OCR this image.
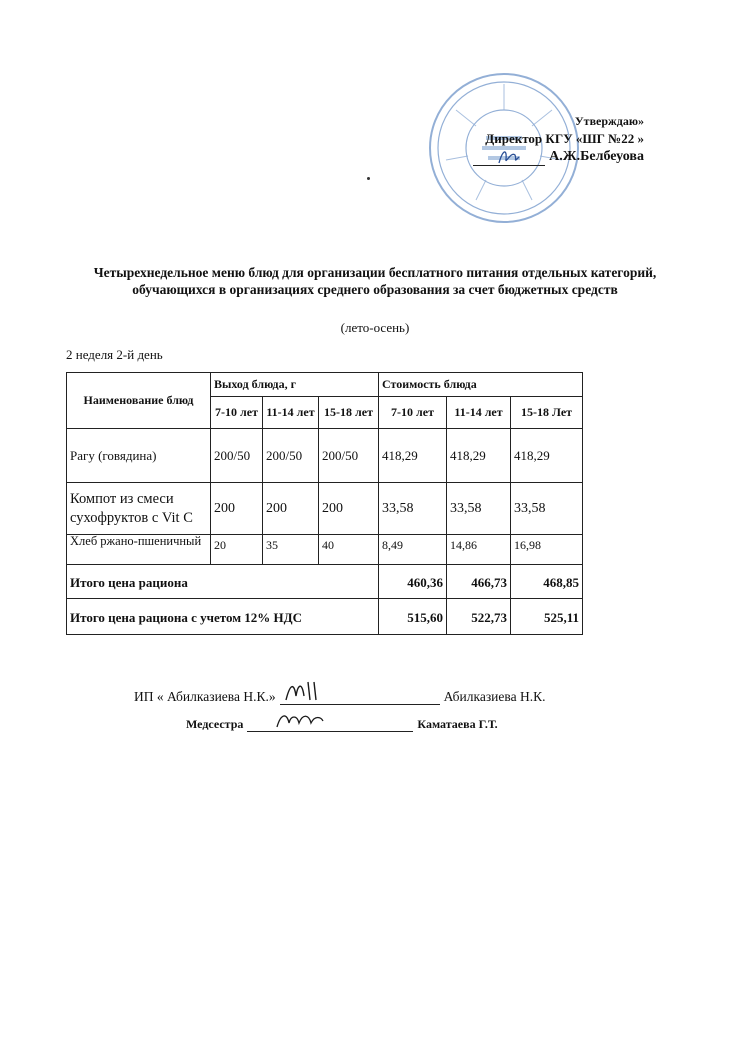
Утверждаю»
Директор КГУ «ШГ №22 »
А.Ж.Белбеуова
Четырехнедельное меню блюд для организации бесплатного питания отдельных категорий, обучающихся в организациях среднего образования за счет бюджетных средств
(лето-осень)
2 неделя 2-й день
Наименование блюд	Выход блюда, г			Стоимость блюда		
	7-10 лет	11-14 лет	15-18 лет	7-10 лет	11-14 лет	15-18 Лет
Рагу (говядина)	200/50	200/50	200/50	418,29	418,29	418,29
Компот из смеси сухофруктов с Vit C	200	200	200	33,58	33,58	33,58
Хлеб ржано-пшеничный	20	35	40	8,49	14,86	16,98
Итого цена рациона				460,36	466,73	468,85
Итого цена рациона с учетом 12% НДС				515,60	522,73	525,11
ИП « Абилказиева Н.К.»	Абилказиева Н.К.
Медсестра	Каматаева Г.Т.
